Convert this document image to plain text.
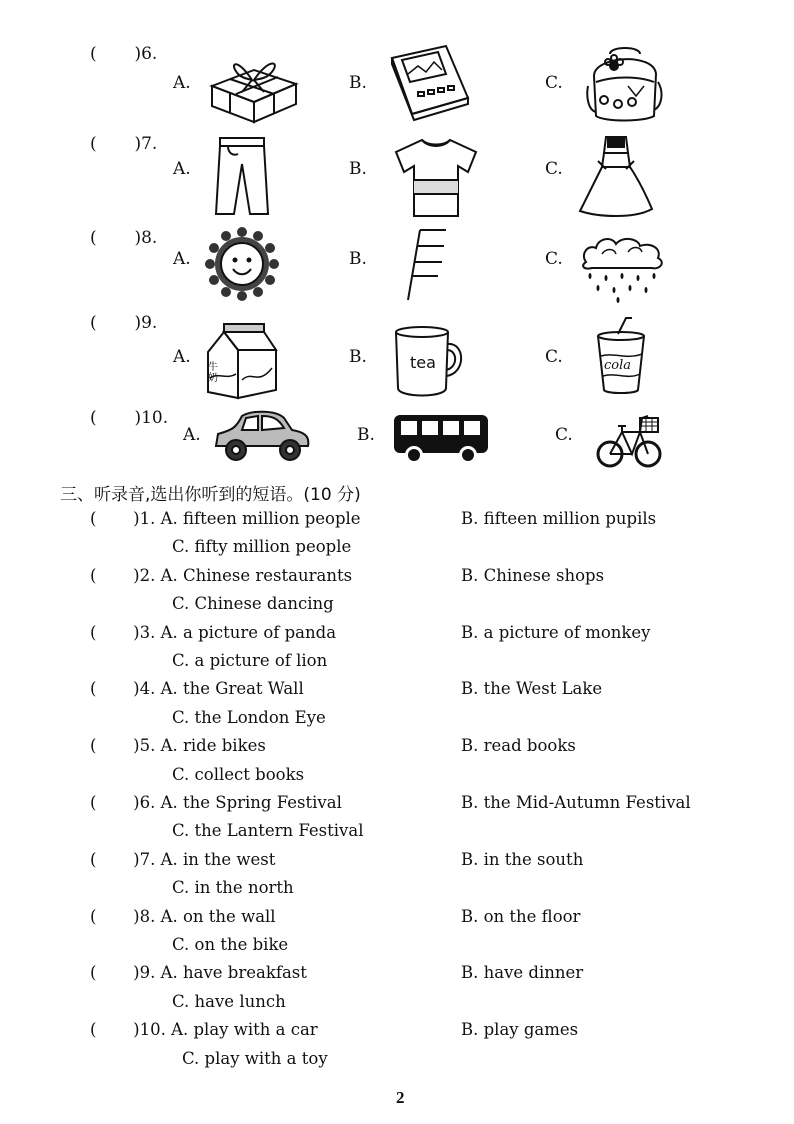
(       )6.
A.	B.	C.
(       )7.
A.	B.	C.
(       )8.
A.	B.	C.
(       )9.
A.	B.	C.
牛奶
tea	cola
(       )10.
A.	B.	C.
三、听录音,选出你听到的短语。(10 分)
(       )1. A. fifteen million people	B. fifteen million pupils
C. fifty million people
(       )2. A. Chinese restaurants	B. Chinese shops
C. Chinese dancing
(       )3. A. a picture of panda	B. a picture of monkey
C. a picture of lion
(       )4. A. the Great Wall	B. the West Lake
C. the London Eye
(       )5. A. ride bikes	B. read books
C. collect books
(       )6. A. the Spring Festival	B. the Mid-Autumn Festival
C. the Lantern Festival
(       )7. A. in the west	B. in the south
C. in the north
(       )8. A. on the wall	B. on the floor
C. on the bike
(       )9. A. have breakfast	B. have dinner
C. have lunch
(       )10. A. play with a car	B. play games
C. play with a toy
2
